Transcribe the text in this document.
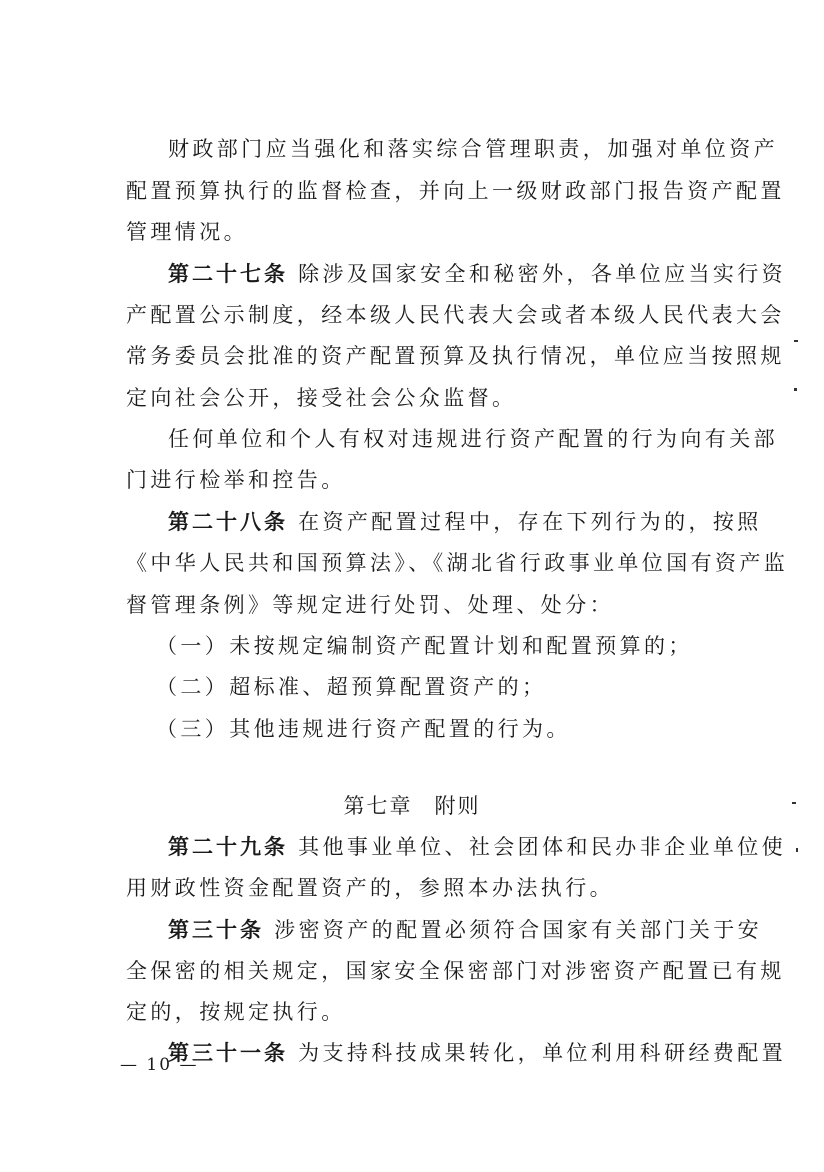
财政部门应当强化和落实综合管理职责，加强对单位资产
配置预算执行的监督检查，并向上一级财政部门报告资产配置
管理情况。
第二十七条 除涉及国家安全和秘密外，各单位应当实行资
产配置公示制度，经本级人民代表大会或者本级人民代表大会
常务委员会批准的资产配置预算及执行情况，单位应当按照规
定向社会公开，接受社会公众监督。
任何单位和个人有权对违规进行资产配置的行为向有关部
门进行检举和控告。
第二十八条 在资产配置过程中，存在下列行为的，按照
《中华人民共和国预算法》、《湖北省行政事业单位国有资产监
督管理条例》等规定进行处罚、处理、处分：
（一）未按规定编制资产配置计划和配置预算的；
（二）超标准、超预算配置资产的；
（三）其他违规进行资产配置的行为。
第七章 附则
第二十九条 其他事业单位、社会团体和民办非企业单位使
用财政性资金配置资产的，参照本办法执行。
第三十条 涉密资产的配置必须符合国家有关部门关于安
全保密的相关规定，国家安全保密部门对涉密资产配置已有规
定的，按规定执行。
第三十一条 为支持科技成果转化，单位利用科研经费配置
— 10 —
